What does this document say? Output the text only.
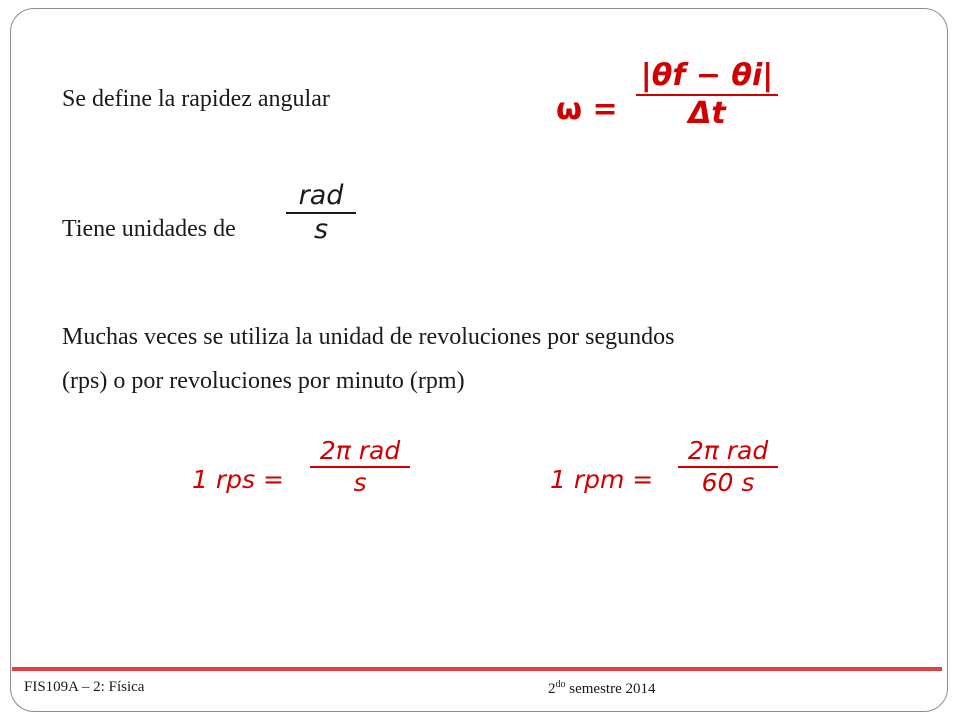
Se define la rapidez angular	ω =
|θf − θi|
Δt
Tiene unidades de
rad
s
Muchas veces se utiliza la unidad de revoluciones por segundos
(rps) o por revoluciones por minuto (rpm)
1 rps =
2π rad
s	1 rpm =
2π rad
60 s
FIS109A – 2: Física	$2^{do}$ semestre 2014
